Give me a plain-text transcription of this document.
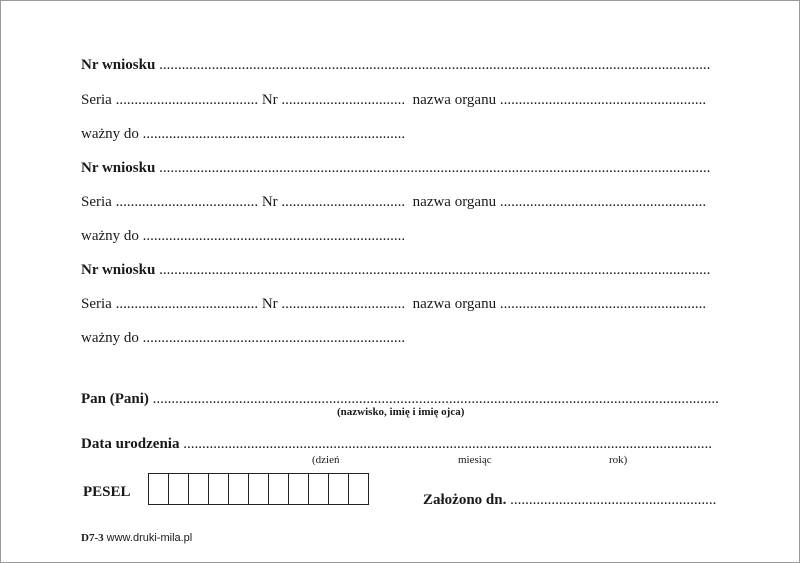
Nr wniosku ...................................................................................................................................................
Seria ...................................... Nr ................................. nazwa organu .......................................................
ważny do ......................................................................
Nr wniosku ...................................................................................................................................................
Seria ...................................... Nr ................................. nazwa organu .......................................................
ważny do ......................................................................
Nr wniosku ...................................................................................................................................................
Seria ...................................... Nr ................................. nazwa organu .......................................................
ważny do ......................................................................
Pan (Pani) .......................................................................................................................................................
(nazwisko, imię i imię ojca)
Data urodzenia .............................................................................................................................................
(dzień	miesiąc	rok)
PESEL	Założono dn. .......................................................
D7-3 www.druki-mila.pl
